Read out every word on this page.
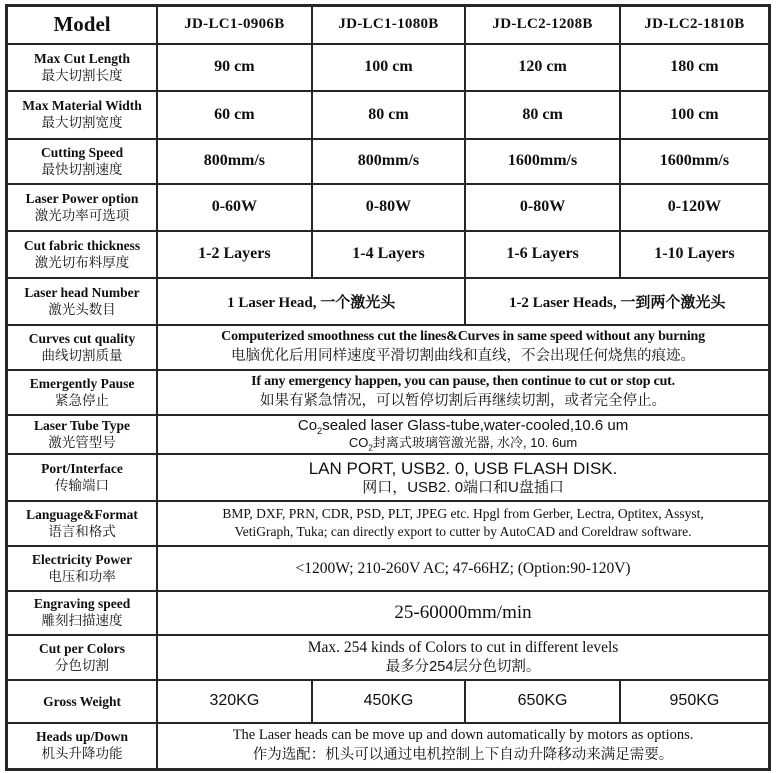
Model	JD-LC1-0906B	JD-LC1-1080B	JD-LC2-1208B	JD-LC2-1810B

Max Cut Length
最大切割长度	90 cm	100 cm	120 cm	180 cm

Max Material Width
最大切割宽度	60 cm	80 cm	80 cm	100 cm

Cutting Speed
最快切割速度	800mm/s	800mm/s	1600mm/s	1600mm/s

Laser Power option
激光功率可选项	0-60W	0-80W	0-80W	0-120W

Cut fabric thickness
激光切布料厚度	1-2 Layers	1-4 Layers	1-6 Layers	1-10 Layers

Laser head Number
激光头数目	1 Laser Head, 一个激光头		1-2 Laser Heads, 一到两个激光头	

Curves cut quality
曲线切割质量	Computerized smoothness cut the lines&Curves in same speed without any burning
电脑优化后用同样速度平滑切割曲线和直线，不会出现任何烧焦的痕迹。			

Emergently Pause
紧急停止	If any emergency happen, you can pause, then continue to cut or stop cut.
如果有紧急情况，可以暂停切割后再继续切割，或者完全停止。			

Laser Tube Type
激光管型号	$Co_2sealed$ laser Glass-tube,water-cooled,10.6 um
$CO_2$封离式玻璃管激光器, 水冷, 10. 6um			

Port/Interface
传输端口	LAN PORT, USB2. 0, USB FLASH DISK.
网口，USB2. 0端口和U盘插口			

Language&Format
语言和格式	BMP, DXF, PRN, CDR, PSD, PLT, JPEG etc. Hpgl from Gerber, Lectra, Optitex, Assyst,
VetiGraph, Tuka; can directly export to cutter by AutoCAD and Coreldraw software.			

Electricity Power
电压和功率	<1200W; 210-260V AC; 47-66HZ; (Option:90-120V)			

Engraving speed
雕刻扫描速度	25-60000mm/min			

Cut per Colors
分色切割	Max. 254 kinds of Colors to cut in different levels
最多分254层分色切割。			

Gross Weight	320KG	450KG	650KG	950KG

Heads up/Down
机头升降功能	The Laser heads can be move up and down automatically by motors as options.
作为选配：机头可以通过电机控制上下自动升降移动来满足需要。			
